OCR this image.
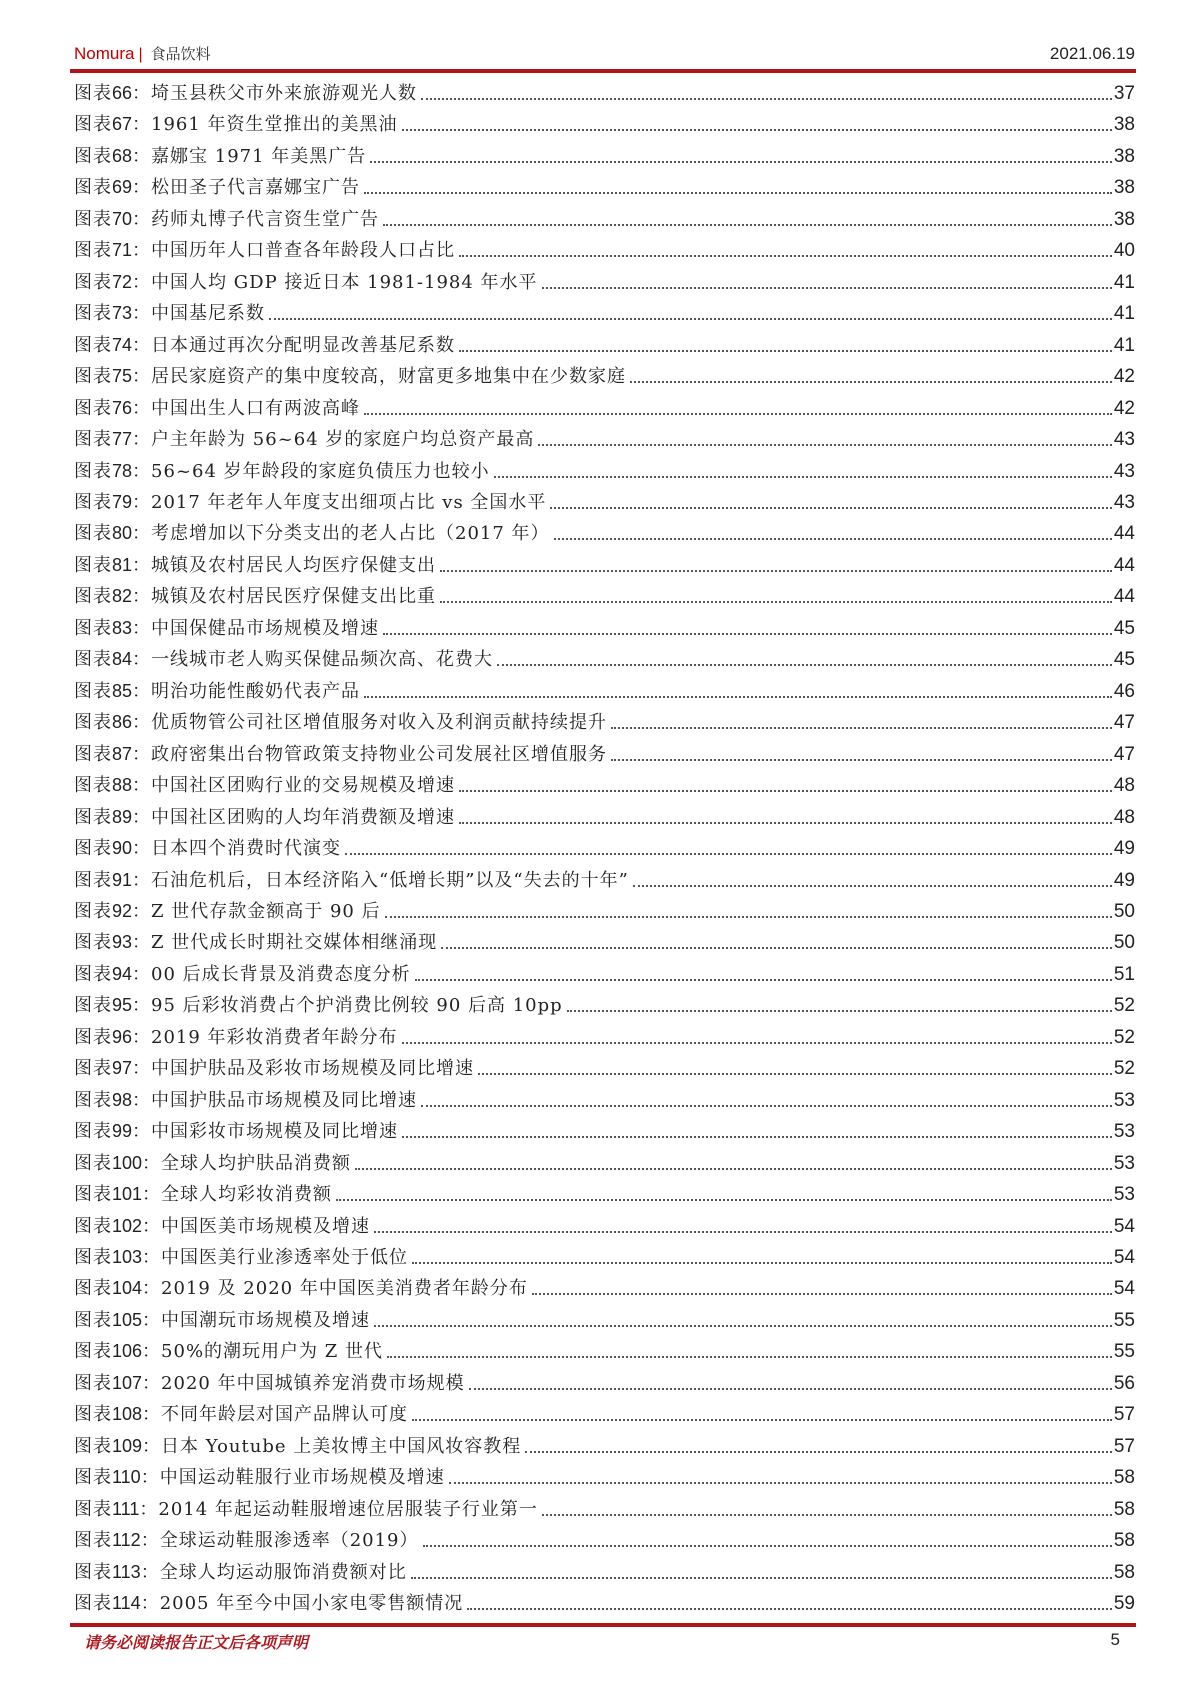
Nomura | 食品饮料	2021.06.19
图表66：埼玉县秩父市外来旅游观光人数	37
图表67：1961 年资生堂推出的美黑油	38
图表68：嘉娜宝 1971 年美黑广告	38
图表69：松田圣子代言嘉娜宝广告	38
图表70：药师丸博子代言资生堂广告	38
图表71：中国历年人口普查各年龄段人口占比	40
图表72：中国人均 GDP 接近日本 1981-1984 年水平	41
图表73：中国基尼系数	41
图表74：日本通过再次分配明显改善基尼系数	41
图表75：居民家庭资产的集中度较高，财富更多地集中在少数家庭	42
图表76：中国出生人口有两波高峰	42
图表77：户主年龄为 56~64 岁的家庭户均总资产最高	43
图表78：56~64 岁年龄段的家庭负债压力也较小	43
图表79：2017 年老年人年度支出细项占比 vs 全国水平	43
图表80：考虑增加以下分类支出的老人占比（2017 年）	44
图表81：城镇及农村居民人均医疗保健支出	44
图表82：城镇及农村居民医疗保健支出比重	44
图表83：中国保健品市场规模及增速	45
图表84：一线城市老人购买保健品频次高、花费大	45
图表85：明治功能性酸奶代表产品	46
图表86：优质物管公司社区增值服务对收入及利润贡献持续提升	47
图表87：政府密集出台物管政策支持物业公司发展社区增值服务	47
图表88：中国社区团购行业的交易规模及增速	48
图表89：中国社区团购的人均年消费额及增速	48
图表90：日本四个消费时代演变	49
图表91：石油危机后，日本经济陷入“低增长期”以及“失去的十年”	49
图表92：Z 世代存款金额高于 90 后	50
图表93：Z 世代成长时期社交媒体相继涌现	50
图表94：00 后成长背景及消费态度分析	51
图表95：95 后彩妆消费占个护消费比例较 90 后高 10pp	52
图表96：2019 年彩妆消费者年龄分布	52
图表97：中国护肤品及彩妆市场规模及同比增速	52
图表98：中国护肤品市场规模及同比增速	53
图表99：中国彩妆市场规模及同比增速	53
图表100：全球人均护肤品消费额	53
图表101：全球人均彩妆消费额	53
图表102：中国医美市场规模及增速	54
图表103：中国医美行业渗透率处于低位	54
图表104：2019 及 2020 年中国医美消费者年龄分布	54
图表105：中国潮玩市场规模及增速	55
图表106：50%的潮玩用户为 Z 世代	55
图表107：2020 年中国城镇养宠消费市场规模	56
图表108：不同年龄层对国产品牌认可度	57
图表109：日本 Youtube 上美妆博主中国风妆容教程	57
图表110：中国运动鞋服行业市场规模及增速	58
图表111：2014 年起运动鞋服增速位居服装子行业第一	58
图表112：全球运动鞋服渗透率（2019）	58
图表113：全球人均运动服饰消费额对比	58
图表114：2005 年至今中国小家电零售额情况	59
请务必阅读报告正文后各项声明	5
